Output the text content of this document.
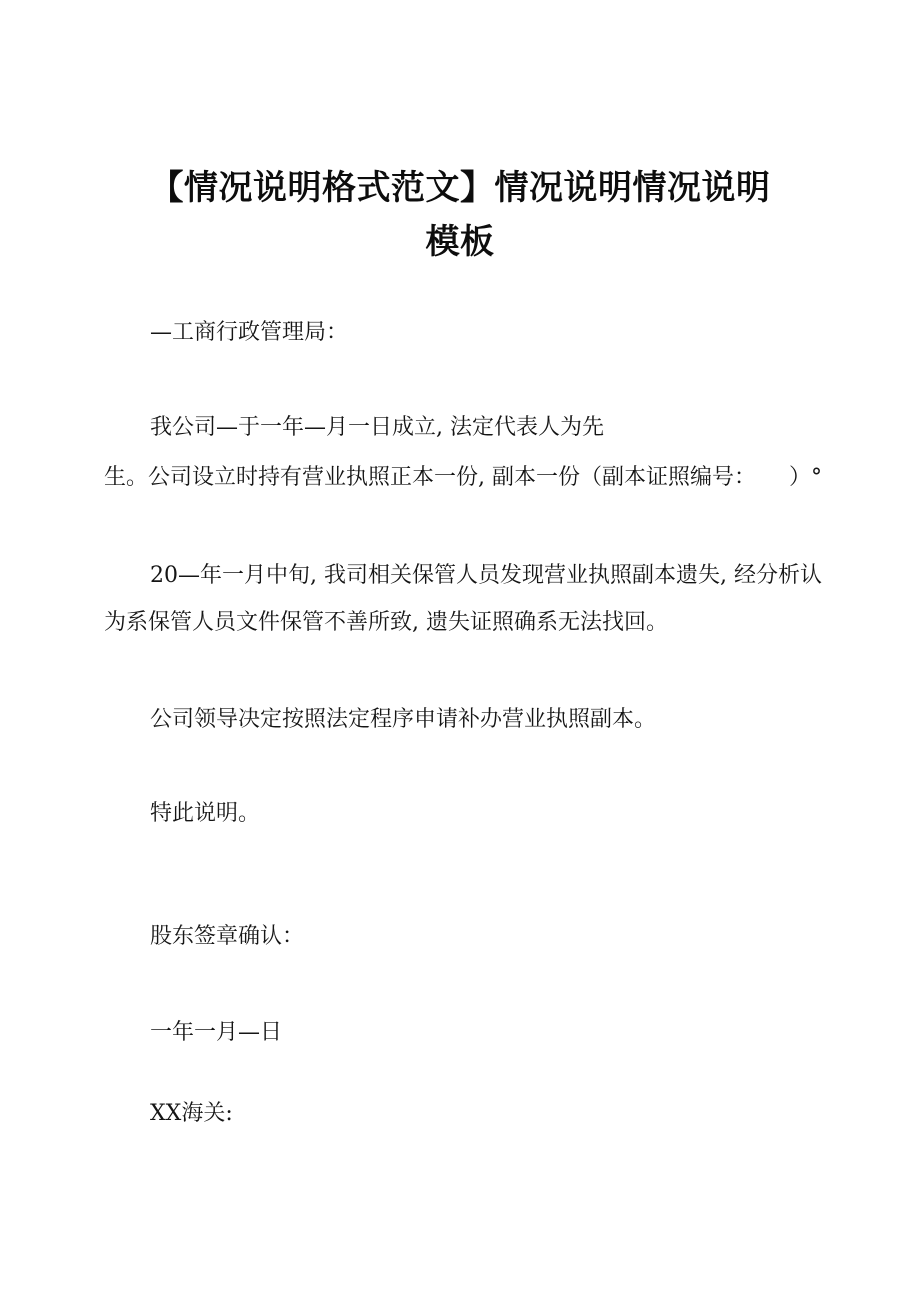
【情况说明格式范文】情况说明情况说明
模板

—工商行政管理局：

我公司—于一年—月一日成立, 法定代表人为先

生。公司设立时持有营业执照正本一份, 副本一份（副本证照编号：　　）°

20—年一月中旬, 我司相关保管人员发现营业执照副本遗失, 经分析认

为系保管人员文件保管不善所致, 遗失证照确系无法找回。

公司领导决定按照法定程序申请补办营业执照副本。

特此说明。

股东签章确认：

一年一月—日

XX海关:
